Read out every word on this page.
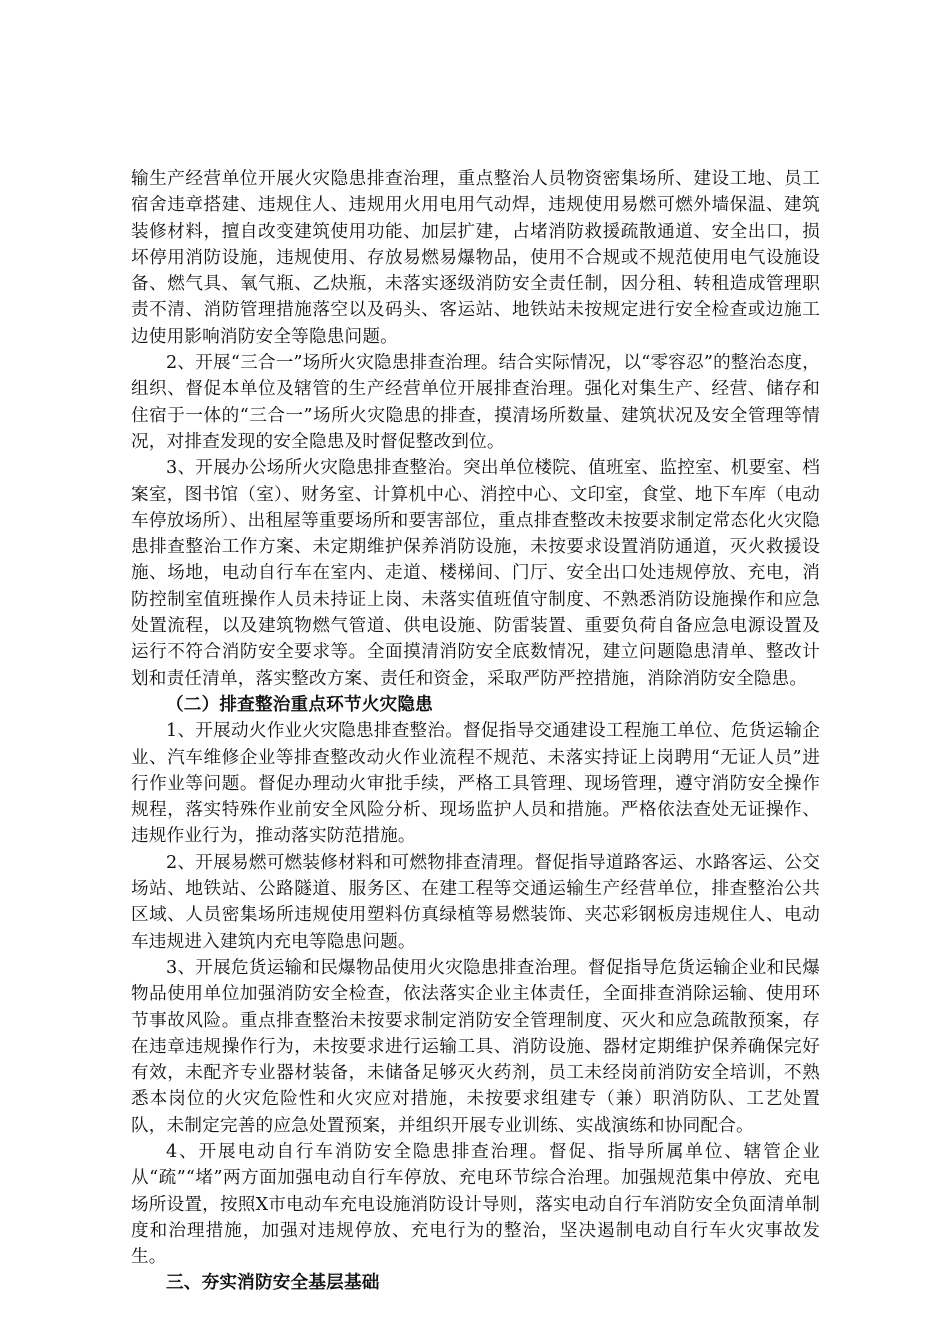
输生产经营单位开展火灾隐患排查治理，重点整治人员物资密集场所、建设工地、员工宿舍违章搭建、违规住人、违规用火用电用气动焊，违规使用易燃可燃外墙保温、建筑装修材料，擅自改变建筑使用功能、加层扩建，占堵消防救援疏散通道、安全出口，损坏停用消防设施，违规使用、存放易燃易爆物品，使用不合规或不规范使用电气设施设备、燃气具、氧气瓶、乙炔瓶，未落实逐级消防安全责任制，因分租、转租造成管理职责不清、消防管理措施落空以及码头、客运站、地铁站未按规定进行安全检查或边施工边使用影响消防安全等隐患问题。

2、开展“三合一”场所火灾隐患排查治理。结合实际情况，以“零容忍”的整治态度，组织、督促本单位及辖管的生产经营单位开展排查治理。强化对集生产、经营、储存和住宿于一体的“三合一”场所火灾隐患的排查，摸清场所数量、建筑状况及安全管理等情况，对排查发现的安全隐患及时督促整改到位。

3、开展办公场所火灾隐患排查整治。突出单位楼院、值班室、监控室、机要室、档案室，图书馆（室）、财务室、计算机中心、消控中心、文印室，食堂、地下车库（电动车停放场所）、出租屋等重要场所和要害部位，重点排查整改未按要求制定常态化火灾隐患排查整治工作方案、未定期维护保养消防设施，未按要求设置消防通道，灭火救援设施、场地，电动自行车在室内、走道、楼梯间、门厅、安全出口处违规停放、充电，消防控制室值班操作人员未持证上岗、未落实值班值守制度、不熟悉消防设施操作和应急处置流程，以及建筑物燃气管道、供电设施、防雷装置、重要负荷自备应急电源设置及运行不符合消防安全要求等。全面摸清消防安全底数情况，建立问题隐患清单、整改计划和责任清单，落实整改方案、责任和资金，采取严防严控措施，消除消防安全隐患。

（二）排查整治重点环节火灾隐患

1、开展动火作业火灾隐患排查整治。督促指导交通建设工程施工单位、危货运输企业、汽车维修企业等排查整改动火作业流程不规范、未落实持证上岗聘用“无证人员”进行作业等问题。督促办理动火审批手续，严格工具管理、现场管理，遵守消防安全操作规程，落实特殊作业前安全风险分析、现场监护人员和措施。严格依法查处无证操作、违规作业行为，推动落实防范措施。

2、开展易燃可燃装修材料和可燃物排查清理。督促指导道路客运、水路客运、公交场站、地铁站、公路隧道、服务区、在建工程等交通运输生产经营单位，排查整治公共区域、人员密集场所违规使用塑料仿真绿植等易燃装饰、夹芯彩钢板房违规住人、电动车违规进入建筑内充电等隐患问题。

3、开展危货运输和民爆物品使用火灾隐患排查治理。督促指导危货运输企业和民爆物品使用单位加强消防安全检查，依法落实企业主体责任，全面排查消除运输、使用环节事故风险。重点排查整治未按要求制定消防安全管理制度、灭火和应急疏散预案，存在违章违规操作行为，未按要求进行运输工具、消防设施、器材定期维护保养确保完好有效，未配齐专业器材装备，未储备足够灭火药剂，员工未经岗前消防安全培训，不熟悉本岗位的火灾危险性和火灾应对措施，未按要求组建专（兼）职消防队、工艺处置队，未制定完善的应急处置预案，并组织开展专业训练、实战演练和协同配合。

4、开展电动自行车消防安全隐患排查治理。督促、指导所属单位、辖管企业从“疏”“堵”两方面加强电动自行车停放、充电环节综合治理。加强规范集中停放、充电场所设置，按照X市电动车充电设施消防设计导则，落实电动自行车消防安全负面清单制度和治理措施，加强对违规停放、充电行为的整治，坚决遏制电动自行车火灾事故发生。

三、夯实消防安全基层基础
